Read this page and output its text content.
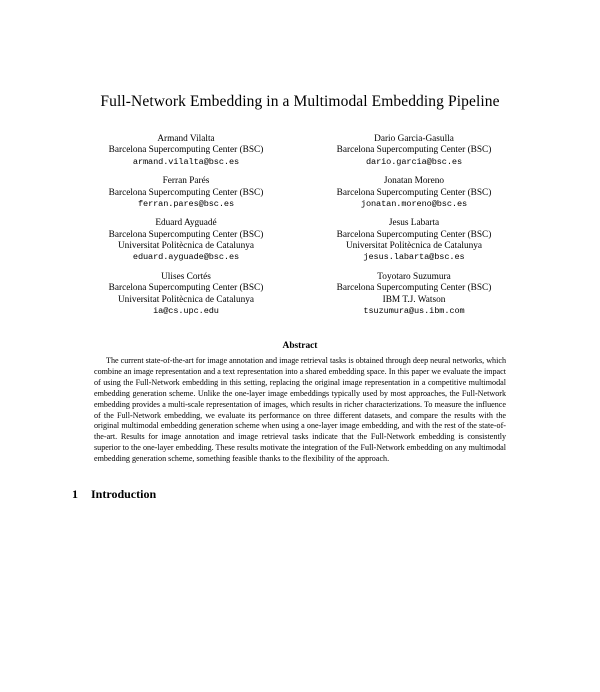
Full-Network Embedding in a Multimodal Embedding Pipeline
Armand Vilalta
Barcelona Supercomputing Center (BSC)
armand.vilalta@bsc.es
Dario Garcia-Gasulla
Barcelona Supercomputing Center (BSC)
dario.garcia@bsc.es
Ferran Parés
Barcelona Supercomputing Center (BSC)
ferran.pares@bsc.es
Jonatan Moreno
Barcelona Supercomputing Center (BSC)
jonatan.moreno@bsc.es
Eduard Ayguadé
Barcelona Supercomputing Center (BSC)
Universitat Politècnica de Catalunya
eduard.ayguade@bsc.es
Jesus Labarta
Barcelona Supercomputing Center (BSC)
Universitat Politècnica de Catalunya
jesus.labarta@bsc.es
Ulises Cortés
Barcelona Supercomputing Center (BSC)
Universitat Politècnica de Catalunya
ia@cs.upc.edu
Toyotaro Suzumura
Barcelona Supercomputing Center (BSC)
IBM T.J. Watson
tsuzumura@us.ibm.com
Abstract
The current state-of-the-art for image annotation and image retrieval tasks is obtained through deep neural networks, which combine an image representation and a text representation into a shared embedding space. In this paper we evaluate the impact of using the Full-Network embedding in this setting, replacing the original image representation in a competitive multimodal embedding generation scheme. Unlike the one-layer image embeddings typically used by most approaches, the Full-Network embedding provides a multi-scale representation of images, which results in richer characterizations. To measure the influence of the Full-Network embedding, we evaluate its performance on three different datasets, and compare the results with the original multimodal embedding generation scheme when using a one-layer image embedding, and with the rest of the state-of-the-art. Results for image annotation and image retrieval tasks indicate that the Full-Network embedding is consistently superior to the one-layer embedding. These results motivate the integration of the Full-Network embedding on any multimodal embedding generation scheme, something feasible thanks to the flexibility of the approach.
1 Introduction
